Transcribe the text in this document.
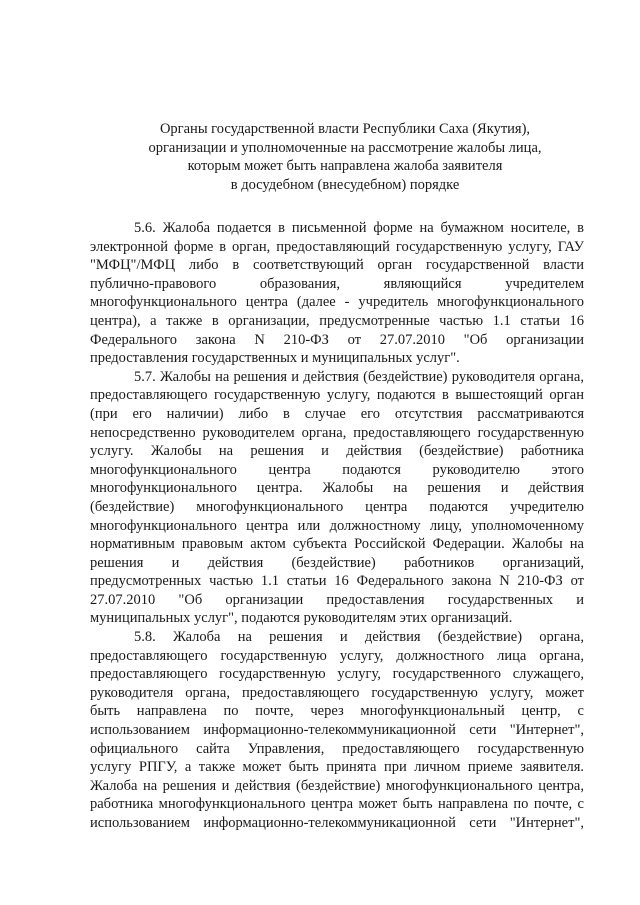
Органы государственной власти Республики Саха (Якутия),
организации и уполномоченные на рассмотрение жалобы лица,
которым может быть направлена жалоба заявителя
в досудебном (внесудебном) порядке
5.6. Жалоба подается в письменной форме на бумажном носителе, в
электронной форме в орган, предоставляющий государственную услугу, ГАУ
"МФЦ"/МФЦ либо в соответствующий орган государственной власти
публично-правового образования, являющийся учредителем
многофункционального центра (далее - учредитель многофункционального
центра), а также в организации, предусмотренные частью 1.1 статьи 16
Федерального закона N 210-ФЗ от 27.07.2010 "Об организации
предоставления государственных и муниципальных услуг".
5.7. Жалобы на решения и действия (бездействие) руководителя органа,
предоставляющего государственную услугу, подаются в вышестоящий орган
(при его наличии) либо в случае его отсутствия рассматриваются
непосредственно руководителем органа, предоставляющего государственную
услугу. Жалобы на решения и действия (бездействие) работника
многофункционального центра подаются руководителю этого
многофункционального центра. Жалобы на решения и действия
(бездействие) многофункционального центра подаются учредителю
многофункционального центра или должностному лицу, уполномоченному
нормативным правовым актом субъекта Российской Федерации. Жалобы на
решения и действия (бездействие) работников организаций,
предусмотренных частью 1.1 статьи 16 Федерального закона N 210-ФЗ от
27.07.2010 "Об организации предоставления государственных и
муниципальных услуг", подаются руководителям этих организаций.
5.8. Жалоба на решения и действия (бездействие) органа,
предоставляющего государственную услугу, должностного лица органа,
предоставляющего государственную услугу, государственного служащего,
руководителя органа, предоставляющего государственную услугу, может
быть направлена по почте, через многофункциональный центр, с
использованием информационно-телекоммуникационной сети "Интернет",
официального сайта Управления, предоставляющего государственную
услугу РПГУ, а также может быть принята при личном приеме заявителя.
Жалоба на решения и действия (бездействие) многофункционального центра,
работника многофункционального центра может быть направлена по почте, с
использованием информационно-телекоммуникационной сети "Интернет",
